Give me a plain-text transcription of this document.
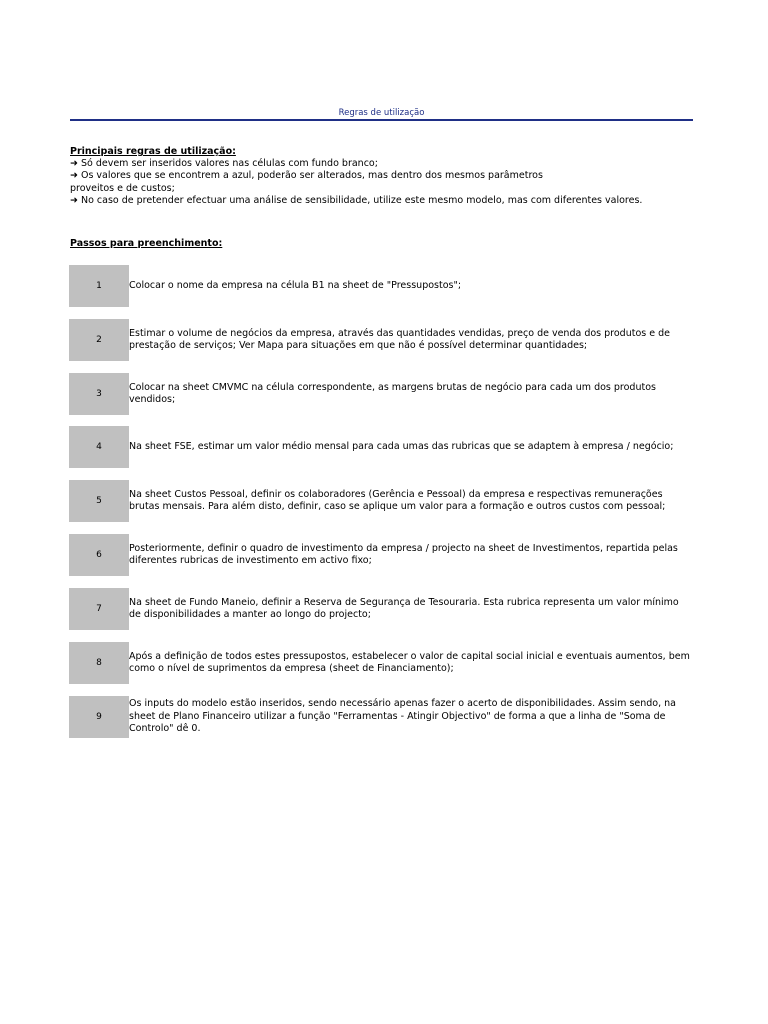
Regras de utilização
Principais regras de utilização:
➜ Só devem ser inseridos valores nas células com fundo branco;
➜ Os valores que se encontrem a azul, poderão ser alterados, mas dentro dos mesmos parâmetros
proveitos e de custos;
➜ No caso de pretender efectuar uma análise de sensibilidade, utilize este mesmo modelo, mas com diferentes valores.
Passos para preenchimento:
1	Colocar o nome da empresa na célula B1 na sheet de "Pressupostos";
2
Estimar o volume de negócios da empresa, através das quantidades vendidas, preço de venda dos produtos e de prestação de serviços; Ver Mapa para situações em que não é possível determinar quantidades;
3
Colocar na sheet CMVMC na célula correspondente, as margens brutas de negócio para cada um dos produtos vendidos;
4	Na sheet FSE, estimar um valor médio mensal para cada umas das rubricas que se adaptem à empresa / negócio;
5
Na sheet Custos Pessoal, definir os colaboradores (Gerência e Pessoal) da empresa e respectivas remunerações brutas mensais. Para além disto, definir, caso se aplique um valor para a formação e outros custos com pessoal;
6
Posteriormente, definir o quadro de investimento da empresa / projecto na sheet de Investimentos, repartida pelas diferentes rubricas de investimento em activo fixo;
7
Na sheet de Fundo Maneio, definir a Reserva de Segurança de Tesouraria. Esta rubrica representa um valor mínimo de disponibilidades a manter ao longo do projecto;
8
Após a definição de todos estes pressupostos, estabelecer o valor de capital social inicial e eventuais aumentos, bem como o nível de suprimentos da empresa (sheet de Financiamento);
9
Os inputs do modelo estão inseridos, sendo necessário apenas fazer o acerto de disponibilidades. Assim sendo, na sheet de Plano Financeiro utilizar a função "Ferramentas - Atingir Objectivo" de forma a que a linha de "Soma de Controlo" dê 0.
